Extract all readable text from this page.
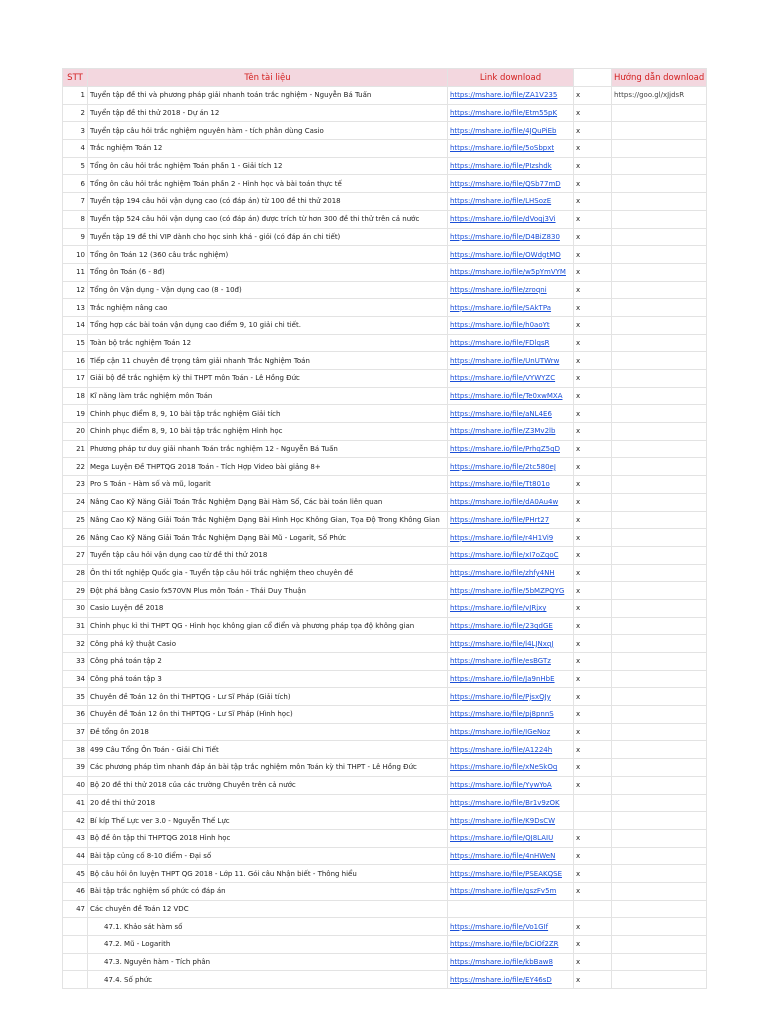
STT	Tên tài liệu	Link download		Hướng dẫn download
1	Tuyển tập đề thi và phương pháp giải nhanh toán trắc nghiệm - Nguyễn Bá Tuấn	https://mshare.io/file/ZA1V235	x	https://goo.gl/xJjdsR
2	Tuyển tập đề thi thử 2018 - Dự án 12	https://mshare.io/file/Etm55pK	x	
3	Tuyển tập câu hỏi trắc nghiệm nguyên hàm - tích phân dùng Casio	https://mshare.io/file/4JQuPiEb	x	
4	Trắc nghiệm Toán 12	https://mshare.io/file/5oSbpxt	x	
5	Tổng ôn câu hỏi trắc nghiệm Toán phần 1 - Giải tích 12	https://mshare.io/file/PIzshdk	x	
6	Tổng ôn câu hỏi trắc nghiệm Toán phần 2 - Hình học và bài toán thực tế	https://mshare.io/file/QSb77mD	x	
7	Tuyển tập 194 câu hỏi vận dụng cao (có đáp án) từ 100 đề thi thử 2018	https://mshare.io/file/LHSozE	x	
8	Tuyển tập 524 câu hỏi vận dụng cao (có đáp án) được trích từ hơn 300 đề thi thử trên cả nước	https://mshare.io/file/dVoqj3Vi	x	
9	Tuyển tập 19 đề thi VIP dành cho học sinh khá - giỏi (có đáp án chi tiết)	https://mshare.io/file/D4BiZ830	x	
10	Tổng ôn Toán 12 (360 câu trắc nghiệm)	https://mshare.io/file/OWdgtMO	x	
11	Tổng ôn Toán (6 - 8đ)	https://mshare.io/file/w5pYmVYM	x	
12	Tổng ôn Vận dụng - Vận dụng cao (8 - 10đ)	https://mshare.io/file/zroqni	x	
13	Trắc nghiệm nâng cao	https://mshare.io/file/SAkTPa	x	
14	Tổng hợp các bài toán vận dụng cao điểm 9, 10 giải chi tiết.	https://mshare.io/file/h0aoYt	x	
15	Toàn bộ trắc nghiệm Toán 12	https://mshare.io/file/FDlqsR	x	
16	Tiếp cận 11 chuyên đề trọng tâm giải nhanh Trắc Nghiệm Toán	https://mshare.io/file/UnUTWrw	x	
17	Giải bộ đề trắc nghiệm kỳ thi THPT môn Toán - Lê Hồng Đức	https://mshare.io/file/VYWYZC	x	
18	Kĩ năng làm trắc nghiệm môn Toán	https://mshare.io/file/Te0xwMXA	x	
19	Chinh phục điểm 8, 9, 10 bài tập trắc nghiệm Giải tích	https://mshare.io/file/aNL4E6	x	
20	Chinh phục điểm 8, 9, 10 bài tập trắc nghiệm Hình học	https://mshare.io/file/Z3Mv2lb	x	
21	Phương pháp tư duy giải nhanh Toán trắc nghiệm 12 - Nguyễn Bá Tuấn	https://mshare.io/file/PrhqZ5qD	x	
22	Mega Luyện Đề THPTQG 2018 Toán - Tích Hợp Video bài giảng 8+	https://mshare.io/file/2tc580eJ	x	
23	Pro S Toán - Hàm số và mũ, logarit	https://mshare.io/file/Tt801o	x	
24	Nâng Cao Kỹ Năng Giải Toán Trắc Nghiệm Dạng Bài Hàm Số, Các bài toán liên quan	https://mshare.io/file/dA0Au4w	x	
25	Nâng Cao Kỹ Năng Giải Toán Trắc Nghiệm Dạng Bài Hình Học Không Gian, Tọa Độ Trong Không Gian	https://mshare.io/file/PHrt27	x	
26	Nâng Cao Kỹ Năng Giải Toán Trắc Nghiệm Dạng Bài Mũ - Logarit, Số Phức	https://mshare.io/file/r4H1Vi9	x	
27	Tuyển tập câu hỏi vận dụng cao từ đề thi thử 2018	https://mshare.io/file/xI7oZqoC	x	
28	Ôn thi tốt nghiệp Quốc gia - Tuyển tập câu hỏi trắc nghiệm theo chuyên đề	https://mshare.io/file/zhfy4NH	x	
29	Đột phá bằng Casio fx570VN Plus môn Toán - Thái Duy Thuận	https://mshare.io/file/5bMZPQYG	x	
30	Casio Luyện đề 2018	https://mshare.io/file/vJRjxy	x	
31	Chinh phục kì thi THPT QG - Hình học không gian cổ điển và phương pháp tọa độ không gian	https://mshare.io/file/23qdGE	x	
32	Công phá kỹ thuật Casio	https://mshare.io/file/l4LJNxqJ	x	
33	Công phá toán tập 2	https://mshare.io/file/esBGTz	x	
34	Công phá toán tập 3	https://mshare.io/file/Ja9nHbE	x	
35	Chuyên đề Toán 12 ôn thi THPTQG - Lư Sĩ Pháp (Giải tích)	https://mshare.io/file/PjsxQJy	x	
36	Chuyên đề Toán 12 ôn thi THPTQG - Lư Sĩ Pháp (Hình học)	https://mshare.io/file/pj8pnnS	x	
37	Đề tổng ôn 2018	https://mshare.io/file/IGeNoz	x	
38	499 Câu Tổng Ôn Toán - Giải Chi Tiết	https://mshare.io/file/A1224h	x	
39	Các phương pháp tìm nhanh đáp án bài tập trắc nghiệm môn Toán kỳ thi THPT - Lê Hồng Đức	https://mshare.io/file/xNeSkOq	x	
40	Bộ 20 đề thi thử 2018 của các trường Chuyên trên cả nước	https://mshare.io/file/YywYoA	x	
41	20 đề thi thử 2018	https://mshare.io/file/Br1v9zOK		
42	Bí kíp Thế Lực ver 3.0 - Nguyễn Thế Lực	https://mshare.io/file/K9DsCW		
43	Bộ đề ôn tập thi THPTQG 2018 Hình học	https://mshare.io/file/QJ8LAIU	x	
44	Bài tập củng cố 8-10 điểm - Đại số	https://mshare.io/file/4nHWeN	x	
45	Bộ câu hỏi ôn luyện THPT QG 2018 - Lớp 11. Gói câu Nhận biết - Thông hiểu	https://mshare.io/file/PSEAKQSE	x	
46	Bài tập trắc nghiệm số phức có đáp án	https://mshare.io/file/gszFv5m	x	
47	Các chuyên đề Toán 12 VDC			
	47.1. Khảo sát hàm số	https://mshare.io/file/Vo1GIf	x	
	47.2. Mũ - Logarith	https://mshare.io/file/bCiOf2ZR	x	
	47.3. Nguyên hàm - Tích phân	https://mshare.io/file/kbBaw8	x	
	47.4. Số phức	https://mshare.io/file/EY46sD	x	
